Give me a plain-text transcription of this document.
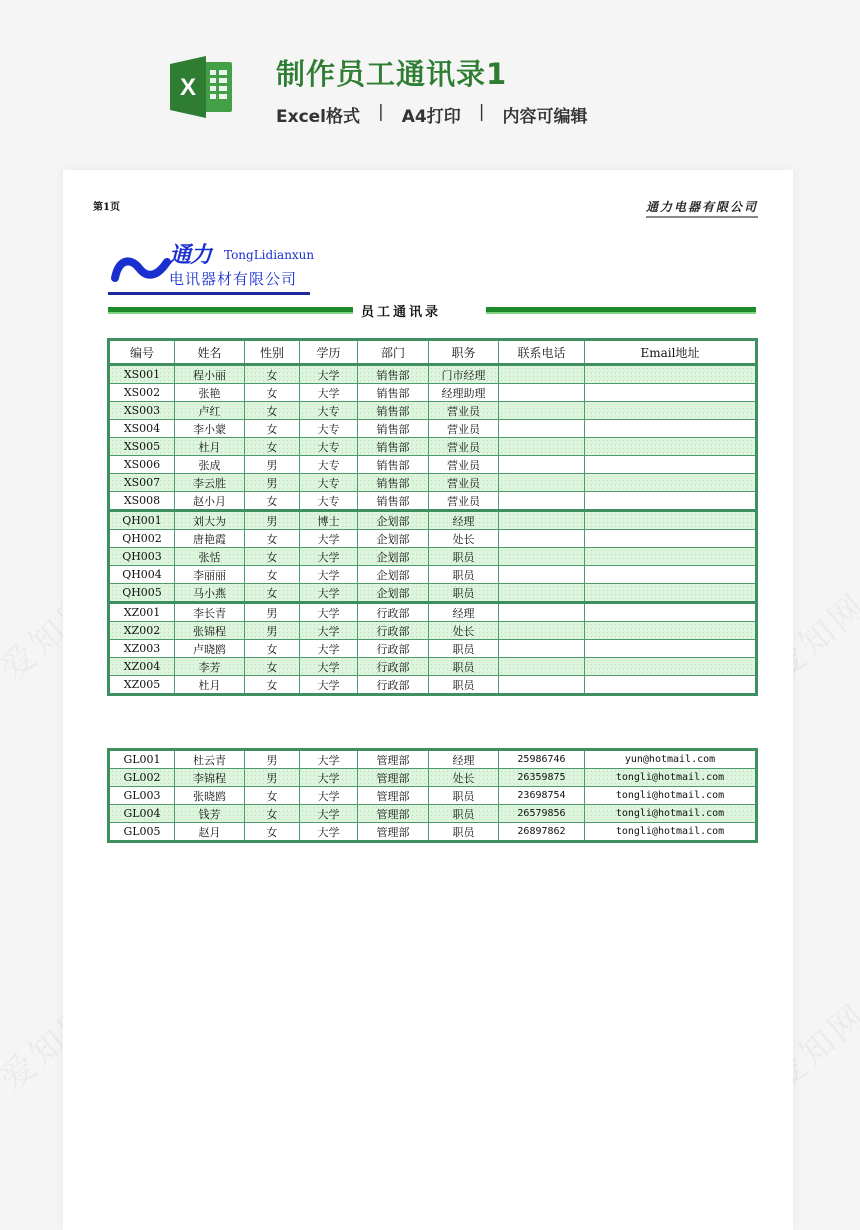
X	制作员工通讯录1
Excel格式 | A4打印 | 内容可编辑
第1页	通力电器有限公司
通力 TongLidianxun
电讯器材有限公司
员工通讯录
编号	姓名	性别	学历	部门	职务	联系电话	Email地址
XS001	程小丽	女	大学	销售部	门市经理		
XS002	张艳	女	大学	销售部	经理助理		
XS003	卢红	女	大专	销售部	营业员		
XS004	李小蒙	女	大专	销售部	营业员		
XS005	杜月	女	大专	销售部	营业员		
XS006	张成	男	大专	销售部	营业员		
XS007	李云胜	男	大专	销售部	营业员		
XS008	赵小月	女	大专	销售部	营业员		
QH001	刘大为	男	博士	企划部	经理		
QH002	唐艳霞	女	大学	企划部	处长		
QH003	张恬	女	大学	企划部	职员		
QH004	李丽丽	女	大学	企划部	职员		
QH005	马小燕	女	大学	企划部	职员		
XZ001	李长青	男	大学	行政部	经理		
XZ002	张锦程	男	大学	行政部	处长		
XZ003	卢晓鸥	女	大学	行政部	职员		
XZ004	李芳	女	大学	行政部	职员		
XZ005	杜月	女	大学	行政部	职员		
GL001	杜云青	男	大学	管理部	经理	25986746	yun@hotmail.com
GL002	李锦程	男	大学	管理部	处长	26359875	tongli@hotmail.com
GL003	张晓鸥	女	大学	管理部	职员	23698754	tongli@hotmail.com
GL004	钱芳	女	大学	管理部	职员	26579856	tongli@hotmail.com
GL005	赵月	女	大学	管理部	职员	26897862	tongli@hotmail.com
